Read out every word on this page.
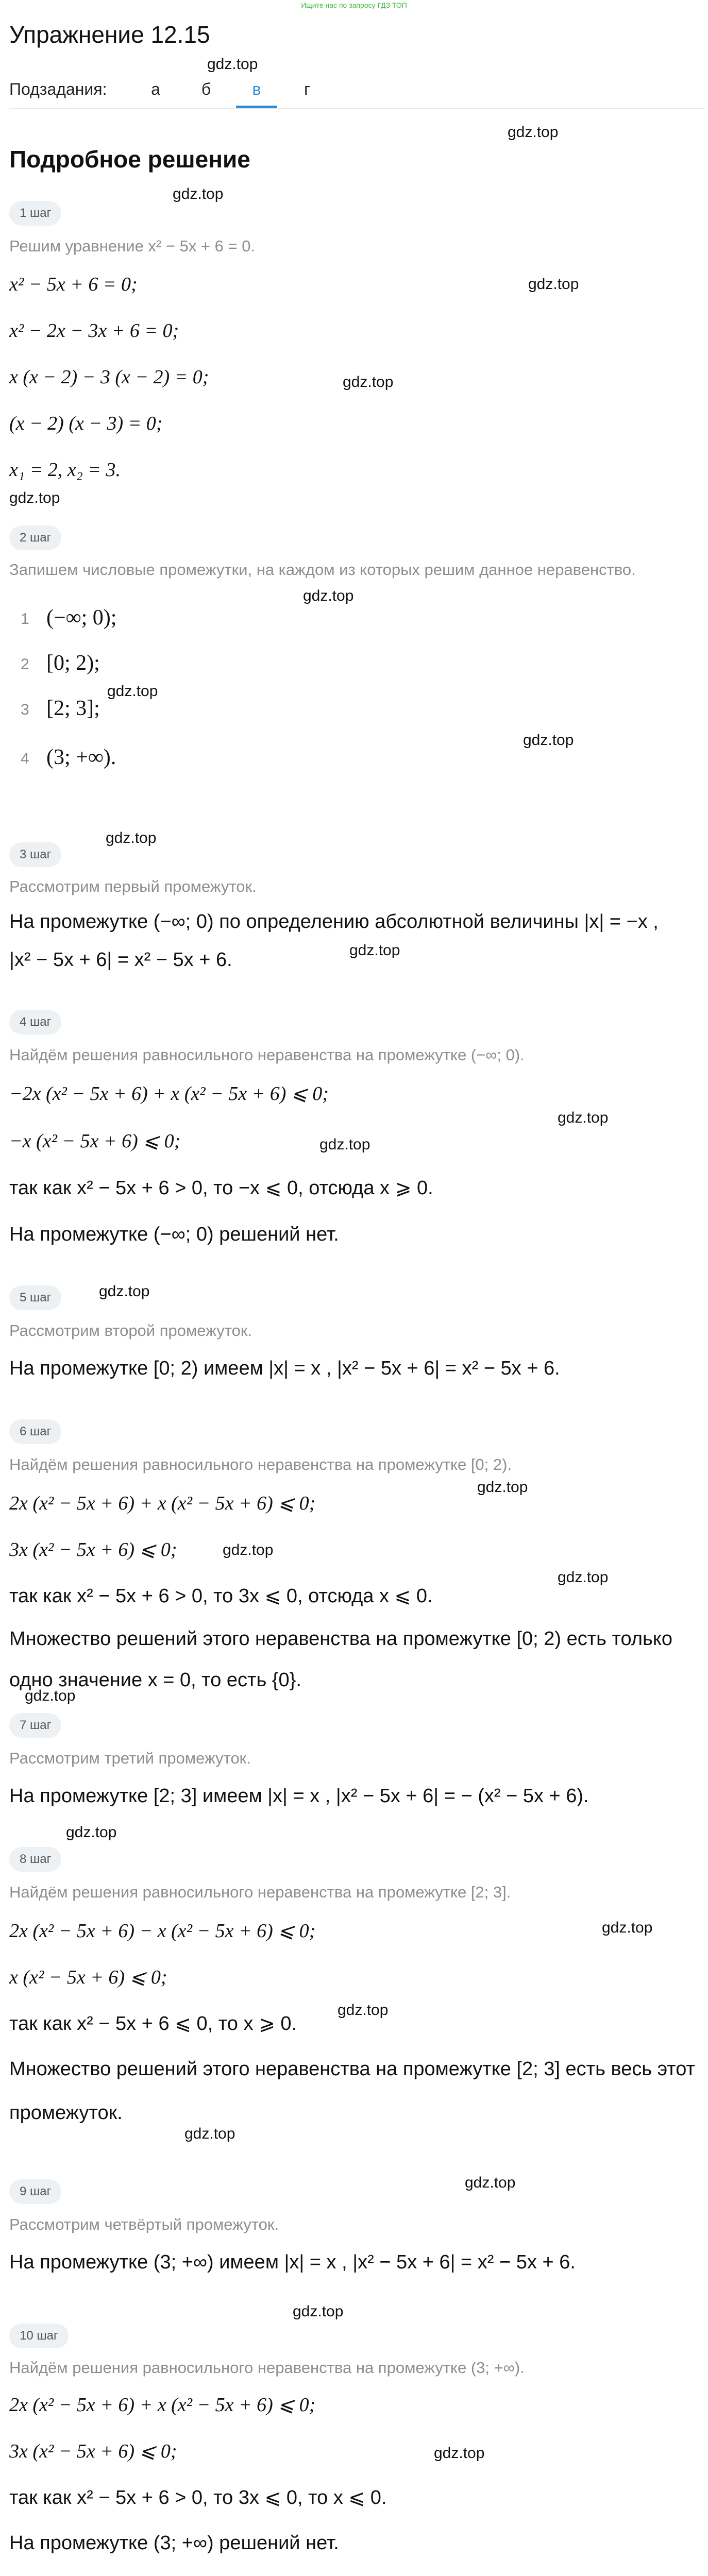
Ищите нас по запросу ГДЗ ТОП
Упражнение 12.15
gdz.top
Подзадания:	а	б	в	г
gdz.top
Подробное решение
1 шаг
gdz.top
Решим уравнение x² − 5x + 6 = 0.
x² − 5x + 6 = 0;	gdz.top
x² − 2x − 3x + 6 = 0;
x (x − 2) − 3 (x − 2) = 0;	gdz.top
(x − 2) (x − 3) = 0;
x₁ = 2, x₂ = 3.
gdz.top
2 шаг
Запишем числовые промежутки, на каждом из которых решим данное неравенство.
gdz.top
1 (−∞; 0);
2 [0; 2);
gdz.top
3 [2; 3];
gdz.top
4 (3; +∞).
gdz.top
3 шаг
Рассмотрим первый промежуток.
На промежутке (−∞; 0) по определению абсолютной величины |x| = −x ,
gdz.top
|x² − 5x + 6| = x² − 5x + 6.
4 шаг
Найдём решения равносильного неравенства на промежутке (−∞; 0).
−2x (x² − 5x + 6) + x (x² − 5x + 6) ⩽ 0;
gdz.top
−x (x² − 5x + 6) ⩽ 0;	gdz.top
так как x² − 5x + 6 > 0, то −x ⩽ 0, отсюда x ⩾ 0.
На промежутке (−∞; 0) решений нет.
5 шаг	gdz.top
Рассмотрим второй промежуток.
На промежутке [0; 2) имеем |x| = x , |x² − 5x + 6| = x² − 5x + 6.
6 шаг
Найдём решения равносильного неравенства на промежутке [0; 2).
gdz.top
2x (x² − 5x + 6) + x (x² − 5x + 6) ⩽ 0;
3x (x² − 5x + 6) ⩽ 0;	gdz.top
gdz.top
так как x² − 5x + 6 > 0, то 3x ⩽ 0, отсюда x ⩽ 0.
Множество решений этого неравенства на промежутке [0; 2) есть только
одно значение x = 0, то есть {0}.
gdz.top
7 шаг
Рассмотрим третий промежуток.
На промежутке [2; 3] имеем |x| = x , |x² − 5x + 6| = − (x² − 5x + 6).
gdz.top
8 шаг
Найдём решения равносильного неравенства на промежутке [2; 3].
2x (x² − 5x + 6) − x (x² − 5x + 6) ⩽ 0;	gdz.top
x (x² − 5x + 6) ⩽ 0;
gdz.top
так как x² − 5x + 6 ⩽ 0, то x ⩾ 0.
Множество решений этого неравенства на промежутке [2; 3] есть весь этот
промежуток.
gdz.top
gdz.top
9 шаг
Рассмотрим четвёртый промежуток.
На промежутке (3; +∞) имеем |x| = x , |x² − 5x + 6| = x² − 5x + 6.
gdz.top
10 шаг
Найдём решения равносильного неравенства на промежутке (3; +∞).
2x (x² − 5x + 6) + x (x² − 5x + 6) ⩽ 0;
3x (x² − 5x + 6) ⩽ 0;	gdz.top
так как x² − 5x + 6 > 0, то 3x ⩽ 0, то x ⩽ 0.
На промежутке (3; +∞) решений нет.
